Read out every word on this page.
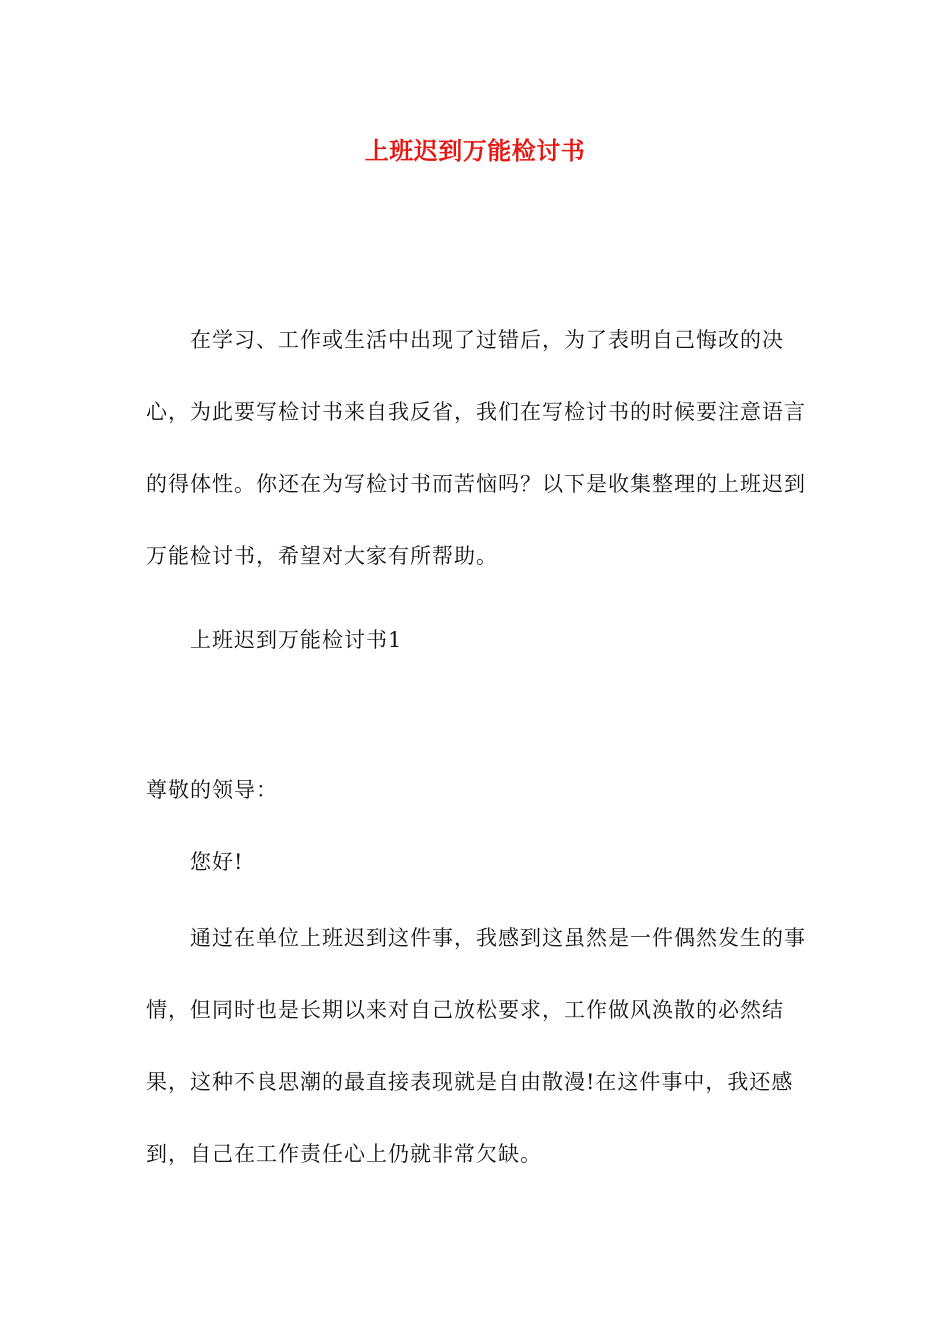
上班迟到万能检讨书

在学习、工作或生活中出现了过错后，为了表明自己悔改的决心，为此要写检讨书来自我反省，我们在写检讨书的时候要注意语言的得体性。你还在为写检讨书而苦恼吗？以下是收集整理的上班迟到万能检讨书，希望对大家有所帮助。

上班迟到万能检讨书1

尊敬的领导：

您好!

通过在单位上班迟到这件事，我感到这虽然是一件偶然发生的事情，但同时也是长期以来对自己放松要求，工作做风涣散的必然结果，这种不良思潮的最直接表现就是自由散漫!在这件事中，我还感到，自己在工作责任心上仍就非常欠缺。
